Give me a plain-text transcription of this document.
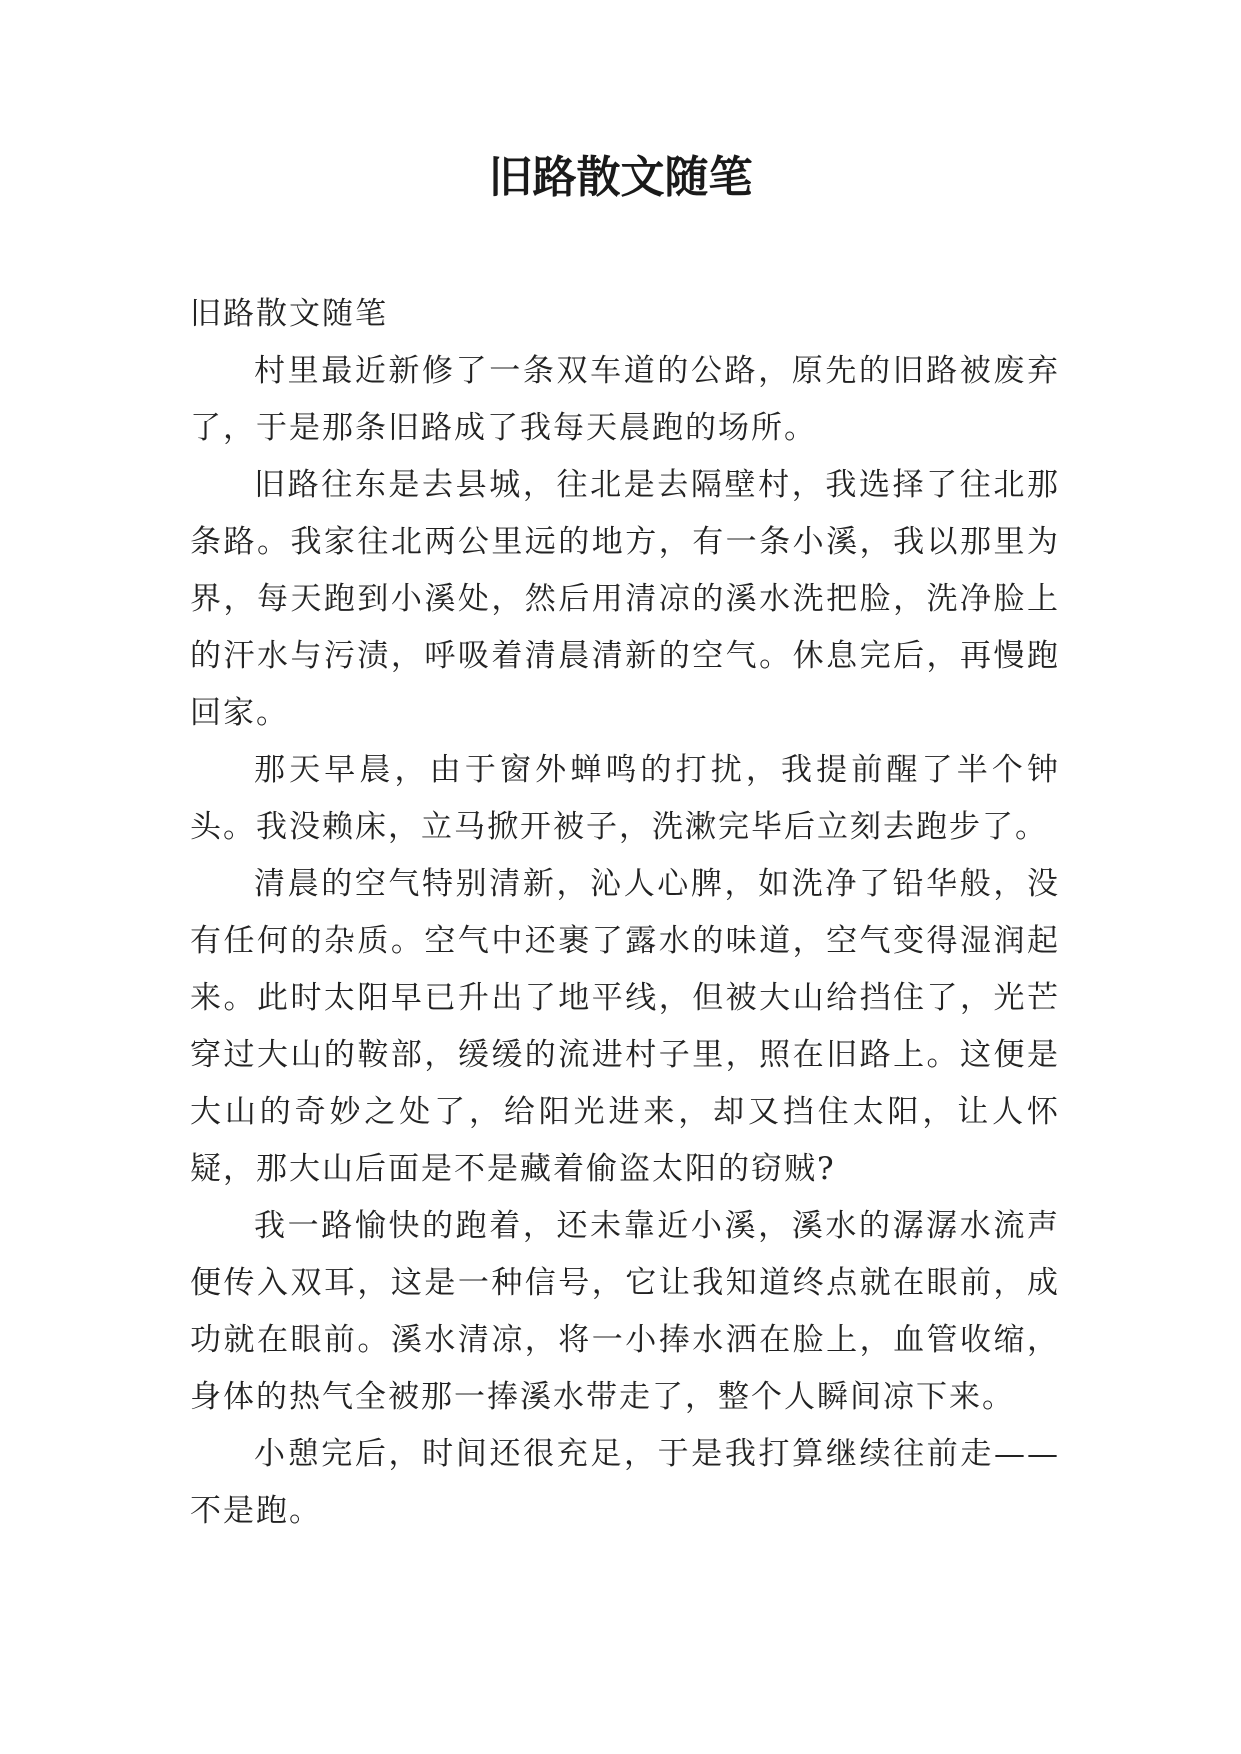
旧路散文随笔

旧路散文随笔

村里最近新修了一条双车道的公路，原先的旧路被废弃了，于是那条旧路成了我每天晨跑的场所。

旧路往东是去县城，往北是去隔壁村，我选择了往北那条路。我家往北两公里远的地方，有一条小溪，我以那里为界，每天跑到小溪处，然后用清凉的溪水洗把脸，洗净脸上的汗水与污渍，呼吸着清晨清新的空气。休息完后，再慢跑回家。

那天早晨，由于窗外蝉鸣的打扰，我提前醒了半个钟头。我没赖床，立马掀开被子，洗漱完毕后立刻去跑步了。

清晨的空气特别清新，沁人心脾，如洗净了铅华般，没有任何的杂质。空气中还裹了露水的味道，空气变得湿润起来。此时太阳早已升出了地平线，但被大山给挡住了，光芒穿过大山的鞍部，缓缓的流进村子里，照在旧路上。这便是大山的奇妙之处了，给阳光进来，却又挡住太阳，让人怀疑，那大山后面是不是藏着偷盗太阳的窃贼?

我一路愉快的跑着，还未靠近小溪，溪水的潺潺水流声便传入双耳，这是一种信号，它让我知道终点就在眼前，成功就在眼前。溪水清凉，将一小捧水洒在脸上，血管收缩，身体的热气全被那一捧溪水带走了，整个人瞬间凉下来。

小憩完后，时间还很充足，于是我打算继续往前走——不是跑。
